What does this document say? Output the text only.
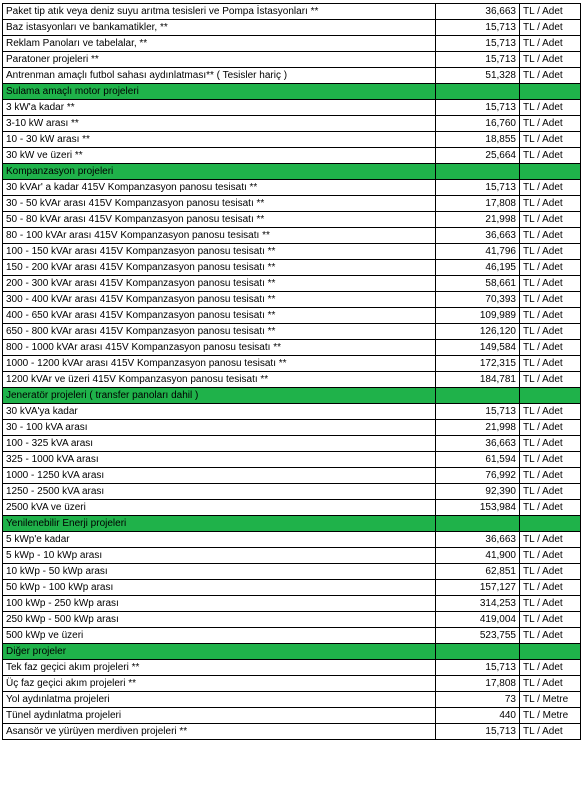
Paket tip atık veya deniz suyu arıtma tesisleri ve Pompa İstasyonları **	36,663	TL / Adet
Baz istasyonları ve bankamatikler, **	15,713	TL / Adet
Reklam Panoları ve tabelalar, **	15,713	TL / Adet
Paratoner projeleri **	15,713	TL / Adet
Antrenman amaçlı futbol sahası aydınlatması** ( Tesisler hariç )	51,328	TL / Adet
Sulama amaçlı motor projeleri		
3 kW'a kadar **	15,713	TL / Adet
3-10 kW arası **	16,760	TL / Adet
10 - 30 kW arası **	18,855	TL / Adet
30 kW ve üzeri **	25,664	TL / Adet
Kompanzasyon projeleri		
30 kVAr' a kadar 415V Kompanzasyon panosu tesisatı **	15,713	TL / Adet
30 - 50 kVAr arası 415V Kompanzasyon panosu tesisatı **	17,808	TL / Adet
50 - 80 kVAr arası 415V Kompanzasyon panosu tesisatı **	21,998	TL / Adet
80 - 100 kVAr arası 415V Kompanzasyon panosu tesisatı **	36,663	TL / Adet
100 - 150 kVAr arası 415V Kompanzasyon panosu tesisatı **	41,796	TL / Adet
150 - 200 kVAr arası 415V Kompanzasyon panosu tesisatı **	46,195	TL / Adet
200 - 300 kVAr arası 415V Kompanzasyon panosu tesisatı **	58,661	TL / Adet
300 - 400 kVAr arası 415V Kompanzasyon panosu tesisatı **	70,393	TL / Adet
400 - 650 kVAr arası 415V Kompanzasyon panosu tesisatı **	109,989	TL / Adet
650 - 800 kVAr arası 415V Kompanzasyon panosu tesisatı **	126,120	TL / Adet
800 - 1000 kVAr arası 415V Kompanzasyon panosu tesisatı **	149,584	TL / Adet
1000 - 1200 kVAr arası 415V Kompanzasyon panosu tesisatı **	172,315	TL / Adet
1200 kVAr ve üzeri 415V Kompanzasyon panosu tesisatı **	184,781	TL / Adet
Jeneratör projeleri ( transfer panoları dahil )		
30 kVA'ya kadar	15,713	TL / Adet
30 - 100 kVA arası	21,998	TL / Adet
100 - 325 kVA arası	36,663	TL / Adet
325 - 1000 kVA arası	61,594	TL / Adet
1000 - 1250 kVA arası	76,992	TL / Adet
1250 - 2500 kVA arası	92,390	TL / Adet
2500 kVA ve üzeri	153,984	TL / Adet
Yenilenebilir Enerji projeleri		
5 kWp'e kadar	36,663	TL / Adet
5 kWp - 10 kWp arası	41,900	TL / Adet
10 kWp - 50 kWp arası	62,851	TL / Adet
50 kWp - 100 kWp arası	157,127	TL / Adet
100 kWp - 250 kWp arası	314,253	TL / Adet
250 kWp - 500 kWp arası	419,004	TL / Adet
500 kWp ve üzeri	523,755	TL / Adet
Diğer projeler		
Tek faz geçici akım projeleri **	15,713	TL / Adet
Üç faz geçici akım projeleri **	17,808	TL / Adet
Yol aydınlatma projeleri	73	TL / Metre
Tünel aydınlatma projeleri	440	TL / Metre
Asansör ve yürüyen merdiven projeleri **	15,713	TL / Adet
